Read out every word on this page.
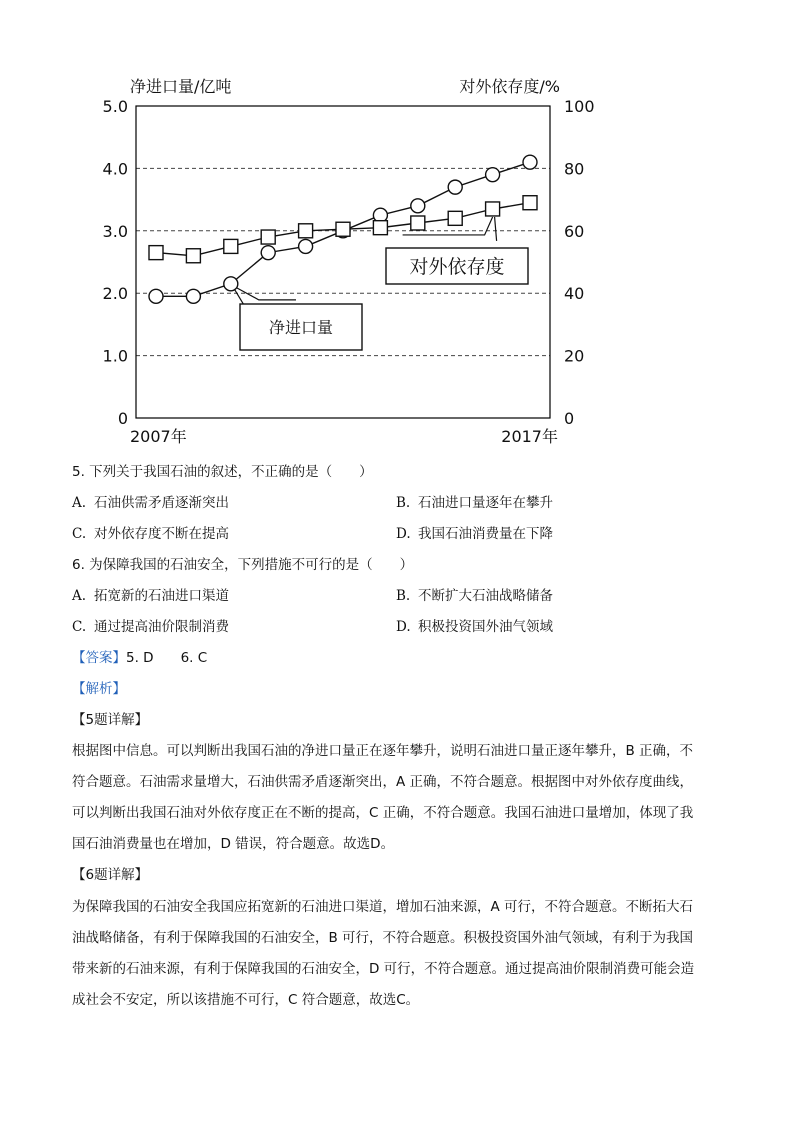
净进口量/亿吨	对外依存度/%
0
1.0
2.0
3.0
4.0
5.0
0
20
40
60
80
100
2007年	2017年
对外依存度
净进口量
5. 下列关于我国石油的叙述，不正确的是（　　）
A. 石油供需矛盾逐渐突出	B. 石油进口量逐年在攀升
C. 对外依存度不断在提高	D. 我国石油消费量在下降
6. 为保障我国的石油安全，下列措施不可行的是（　　）
A. 拓宽新的石油进口渠道	B. 不断扩大石油战略储备
C. 通过提高油价限制消费	D. 积极投资国外油气领域
【答案】5. D　　6. C
【解析】
【5题详解】
根据图中信息。可以判断出我国石油的净进口量正在逐年攀升，说明石油进口量正逐年攀升，B 正确，不
符合题意。石油需求量增大，石油供需矛盾逐渐突出，A 正确，不符合题意。根据图中对外依存度曲线，
可以判断出我国石油对外依存度正在不断的提高，C 正确，不符合题意。我国石油进口量增加，体现了我
国石油消费量也在增加，D 错误，符合题意。故选D。
【6题详解】
为保障我国的石油安全我国应拓宽新的石油进口渠道，增加石油来源，A 可行，不符合题意。不断拓大石
油战略储备，有利于保障我国的石油安全，B 可行，不符合题意。积极投资国外油气领域，有利于为我国
带来新的石油来源，有利于保障我国的石油安全，D 可行，不符合题意。通过提高油价限制消费可能会造
成社会不安定，所以该措施不可行，C 符合题意，故选C。
